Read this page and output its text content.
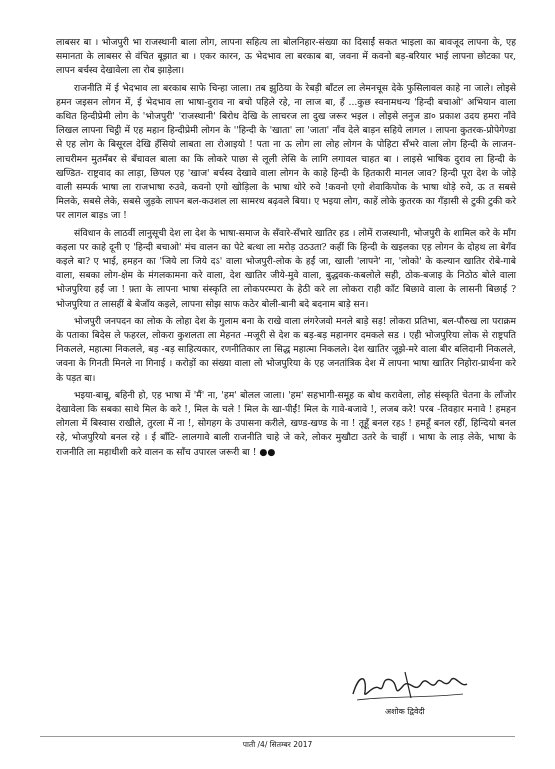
लाबसर बा । भोजपुरी भा राजस्थानी बाला लोग, लापना सहित्य ला बोलनिहार-संख्या का दिसाईं सकत भाइला का बावजूद लापना के, एह समानता के लाबसर से वंचित बूझात बा । एकर कारन, ऊ भेदभाव ला बरकाब बा, जवना में कवनो बड़-बरियार भाई लापना छोटका पर, लापन बर्चस्व देखावेला ला रोब झाड़ेला।

राजनीति में ई भेदभाव ला बरकाब साफे चिन्हा जाला। तब झुठिया के रेबड़ी बाँटल ला लेमनचूस देके फुसिलावल काहे ना जाले। लोइसे हमन जइसन लोगन में, ई भेदभाव ला भाषा-दुराव ना बचो पहिले रहे, ना लाज बा, हँ ...कुछ स्वनामधन्य 'हिन्दी बचाओ' अभियान वाला कथित हिन्दीप्रेमी लोग के 'भोजपुरी' 'राजस्थानी' बिरोध देखि के लाचरज ला दुख जरूर भइल । लोइसे लनुज डा० प्रकाश उदय हमरा नाँवे लिखल लापना चिट्ठी में एह महान हिन्दीप्रेमी लोगन के ''हिन्दी के 'खाता' ला 'जाता' नाँव देले बाड़न सहिये लागल । लापना कुतरक-प्रोपेगेण्डा से एह लोग के बिसूरल देखि हँसियो लाबता ला रोआइयो ! पता ना ऊ लोग ला लोह लोगन के पोहिटा सँभरे वाला लोग हिन्दी के लाजन-लाचरीमन मुतमँबर से बँचावल बाला का कि लोकरे पाछा से लूली लेसि के लागि लगावल चाहत बा । लाइसे भाषिक दुराव ला हिन्दी के खण्डित- राष्ट्रवाद का लाड़ा, छिपल एह 'खाज' बर्चस्व देखावे वाला लोगन के काहे हिन्दी के हितकारी मानल जाव? हिन्दी पूरा देश के जोड़े वाली सम्पर्क भाषा ला राजभाषा रुउवे, कवनो एगो खोड़िला के भाषा थोरे रुवे !कवनो एगो शेवाकिपोक के भाषा थोड़े रुवे, ऊ त सबसे मिलके, सबसे लेके, सबसे जुड़के लापन बल-कउशल ला सामरथ बढ़वले बिया। ए भइया लोग, काहें लोके कुतरक का गँड़ासी से टुकी टुकी करे पर लागल बाड़s जा !

संविधान के लाठवीं लानुसूची देश ला देश के भाषा-समाज के सँवारे-सँभारे खातिर हड । लोमें राजस्थानी, भोजपुरी के शामिल करे के माँग कइला पर काहे दूनी ए 'हिन्दी बचाओ' मंच वालन का पेटे बत्था ला मरोड़ उठउता? कहीं कि हिन्दी के खइलका एह लोगन के दोहथ ला बेगँव कइले बा? ए भाई, हमहन का 'जिये ला जिये दऽ' वाला भोजपुरी-लोक के हईं जा, खाली 'लापने' ना, 'लोको' के कल्यान खातिर रोबे-गाबे वाला, सबका लोग-क्षेम के मंगलकामना करे वाला, देश खातिर जीये-मुवे वाला, बुद्धवक-कबलोले सही, ठोक-बजाइ के निठोठ बोले वाला भोजपुरिया हईं जा ! फ़्ता के लापना भाषा संस्कृति ला लोकपरम्परा के हेठी करे ला लोकरा राही काँट बिछावे वाला के लासनी बिछाई ? भोजपुरिया त लासहीं बे बेजाँय कइले, लापना सोझ साफ कठेर बोली-बानी बदे बदनाम बाड़े सन।

भोजपुरी जनपदन का लोक के लोहा देश के गुलाम बना के राखे वाला लंगरेजवो मनले बाड़े सड़! लोकरा प्रतिभा, बल-पौरुख ला पराक्रम के पताका बिदेस ले फहरल, लोकरा कुशलता ला मेहनत -मजूरी से देश क बड़-बड़ महानगर दमकले सड । एही भोजपुरिया लोक से राष्ट्रपति निकलले, महात्मा निकलले, बड़ -बड़ साहित्यकार, रणनीतिकार ला सिद्ध महात्मा निकलले। देश खातिर जूझे-मरे वाला बीर बलिदानी निकलले, जवना के गिनती मिनले ना गिनाई । करोड़ों का संख्या वाला लो भोजपुरिया के एह जनतांत्रिक देश में लापना भाषा खातिर निहोरा-प्रार्थना करे के पड़त बा।

भइया-बाबू, बहिनी हो, एह भाषा में 'मैं' ना, 'हम' बोलल जाला। 'हम' सहभागी-समूह क बोध करावेला, लोह संस्कृति चेतना के लाँजोर देखावेला कि सबका साथे मिल के करे !, मिल के चले ! मिल के खा-पीईं! मिल के गावे-बजावे !, लजब करे! परब -तिवहार मनावे ! हमहन लोगला में बिस्वास राखीले, तुरला में ना !, सोगहग के उपासना करीले, खण्ड-खण्ड के ना ! तूहूँ बनल रहऽ ! हमहूँ बनल रहीं, हिन्दियो बनल रहे, भोजपुरियो बनल रहे । ई बाँटि- लालगावे बाली राजनीति चाहे जे करे, लोकर मुखौटा उतरे के चाहीं । भाषा के लाड़ लेके, भाषा के राजनीति ला महाधीशी करे वालन क साँच उपारल जरूरी बा ! ●●

अशोक द्विवेदी
पाती /4/ सितम्बर 2017
